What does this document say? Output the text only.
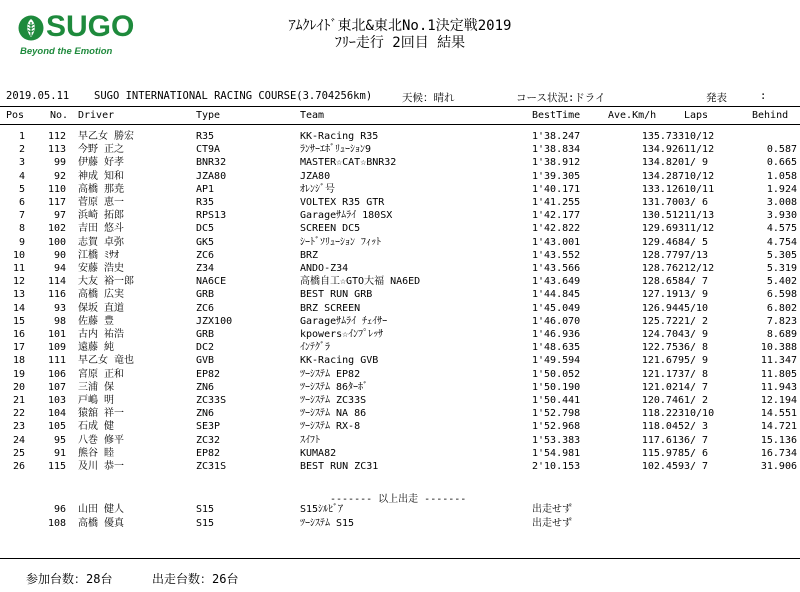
SUGO
Beyond the Emotion
ｱﾑｸﾚｲﾄﾞ東北&東北No.1決定戦2019
ﾌﾘｰ走行 2回目 結果
2019.05.11 SUGO INTERNATIONAL RACING COURSE(3.704256km)	天候：晴れ	コース状況:ドライ	発表	:
Pos	No. Driver	Type	Team	BestTime	Ave.Km/h	Laps	Behind
1 112 早乙女 勝宏	R35	KK-Racing R35	1'38.247	135.733 10/12
2 113 今野 正之	CT9A	ﾗﾝｻｰｴﾎﾞﾘｭｰｼｮﾝ9	1'38.834	134.926 11/12	0.587
3	99 伊藤 好孝	BNR32	MASTER☆CAT☆BNR32	1'38.912	134.820 1/ 9	0.665
4	92 神成 知和	JZA80	JZA80	1'39.305	134.287 10/12	1.058
5 110 高橋 那尭	AP1	ｵﾚﾝｼﾞ号	1'40.171	133.126 10/11	1.924
6 117 菅原 恵一	R35	VOLTEX R35 GTR	1'41.255	131.700 3/ 6	3.008
7	97 浜崎 拓郎	RPS13	Garageｻﾑﾗｲ 180SX	1'42.177	130.512 11/13	3.930
8 102 吉田 悠斗	DC5	SCREEN DC5	1'42.822	129.693 11/12	4.575
9 100 志賀 卓弥	GK5	ｼｰﾄﾞｿﾘｭｰｼｮﾝ ﾌｨｯﾄ	1'43.001	129.468 4/ 5	4.754
10	90 江橋 ﾐｻｵ	ZC6	BRZ	1'43.552	128.779 7/13	5.305
11	94 安藤 浩史	Z34	ANDO-Z34	1'43.566	128.762 12/12	5.319
12 114 大友 裕一郎	NA6CE	高橋自工☆GTO大福 NA6ED	1'43.649	128.658 4/ 7	5.402
13 116 高橋 広実	GRB	BEST RUN GRB	1'44.845	127.191 3/ 9	6.598
14	93 保坂 直道	ZC6	BRZ SCREEN	1'45.049	126.944 5/10	6.802
15	98 佐藤 豊	JZX100	Garageｻﾑﾗｲ ﾁｪｲｻｰ	1'46.070	125.722 1/ 2	7.823
16 101 古内 祐浩	GRB	kpowers☆ｲﾝﾌﾟﾚｯｻ	1'46.936	124.704 3/ 9	8.689
17 109 遠藤 純	DC2	ｲﾝﾃｸﾞﾗ	1'48.635	122.753 6/ 8	10.388
18 111 早乙女 竜也	GVB	KK-Racing GVB	1'49.594	121.679 5/ 9	11.347
19 106 宮原 正和	EP82	ﾂｰｼｽﾃﾑ EP82	1'50.052	121.173 7/ 8	11.805
20 107 三浦 保	ZN6	ﾂｰｼｽﾃﾑ 86ﾀｰﾎﾞ	1'50.190	121.021 4/ 7	11.943
21 103 戸嶋 明	ZC33S	ﾂｰｼｽﾃﾑ ZC33S	1'50.441	120.746 1/ 2	12.194
22 104 猿舘 祥一	ZN6	ﾂｰｼｽﾃﾑ NA 86	1'52.798	118.223 10/10	14.551
23 105 石成 健	SE3P	ﾂｰｼｽﾃﾑ RX-8	1'52.968	118.045 2/ 3	14.721
24	95 八巻 修平	ZC32	ｽｲﾌﾄ	1'53.383	117.613 6/ 7	15.136
25	91 熊谷 睦	EP82	KUMA82	1'54.981	115.978 5/ 6	16.734
26 115 及川 恭一	ZC31S	BEST RUN ZC31	2'10.153	102.459 3/ 7	31.906
------- 以上出走 -------
96 山田 健人	S15	S15ｼﾙﾋﾞｱ	出走せず
108 高橋 優真	S15	ﾂｰｼｽﾃﾑ S15	出走せず
参加台数：28台	出走台数：26台
